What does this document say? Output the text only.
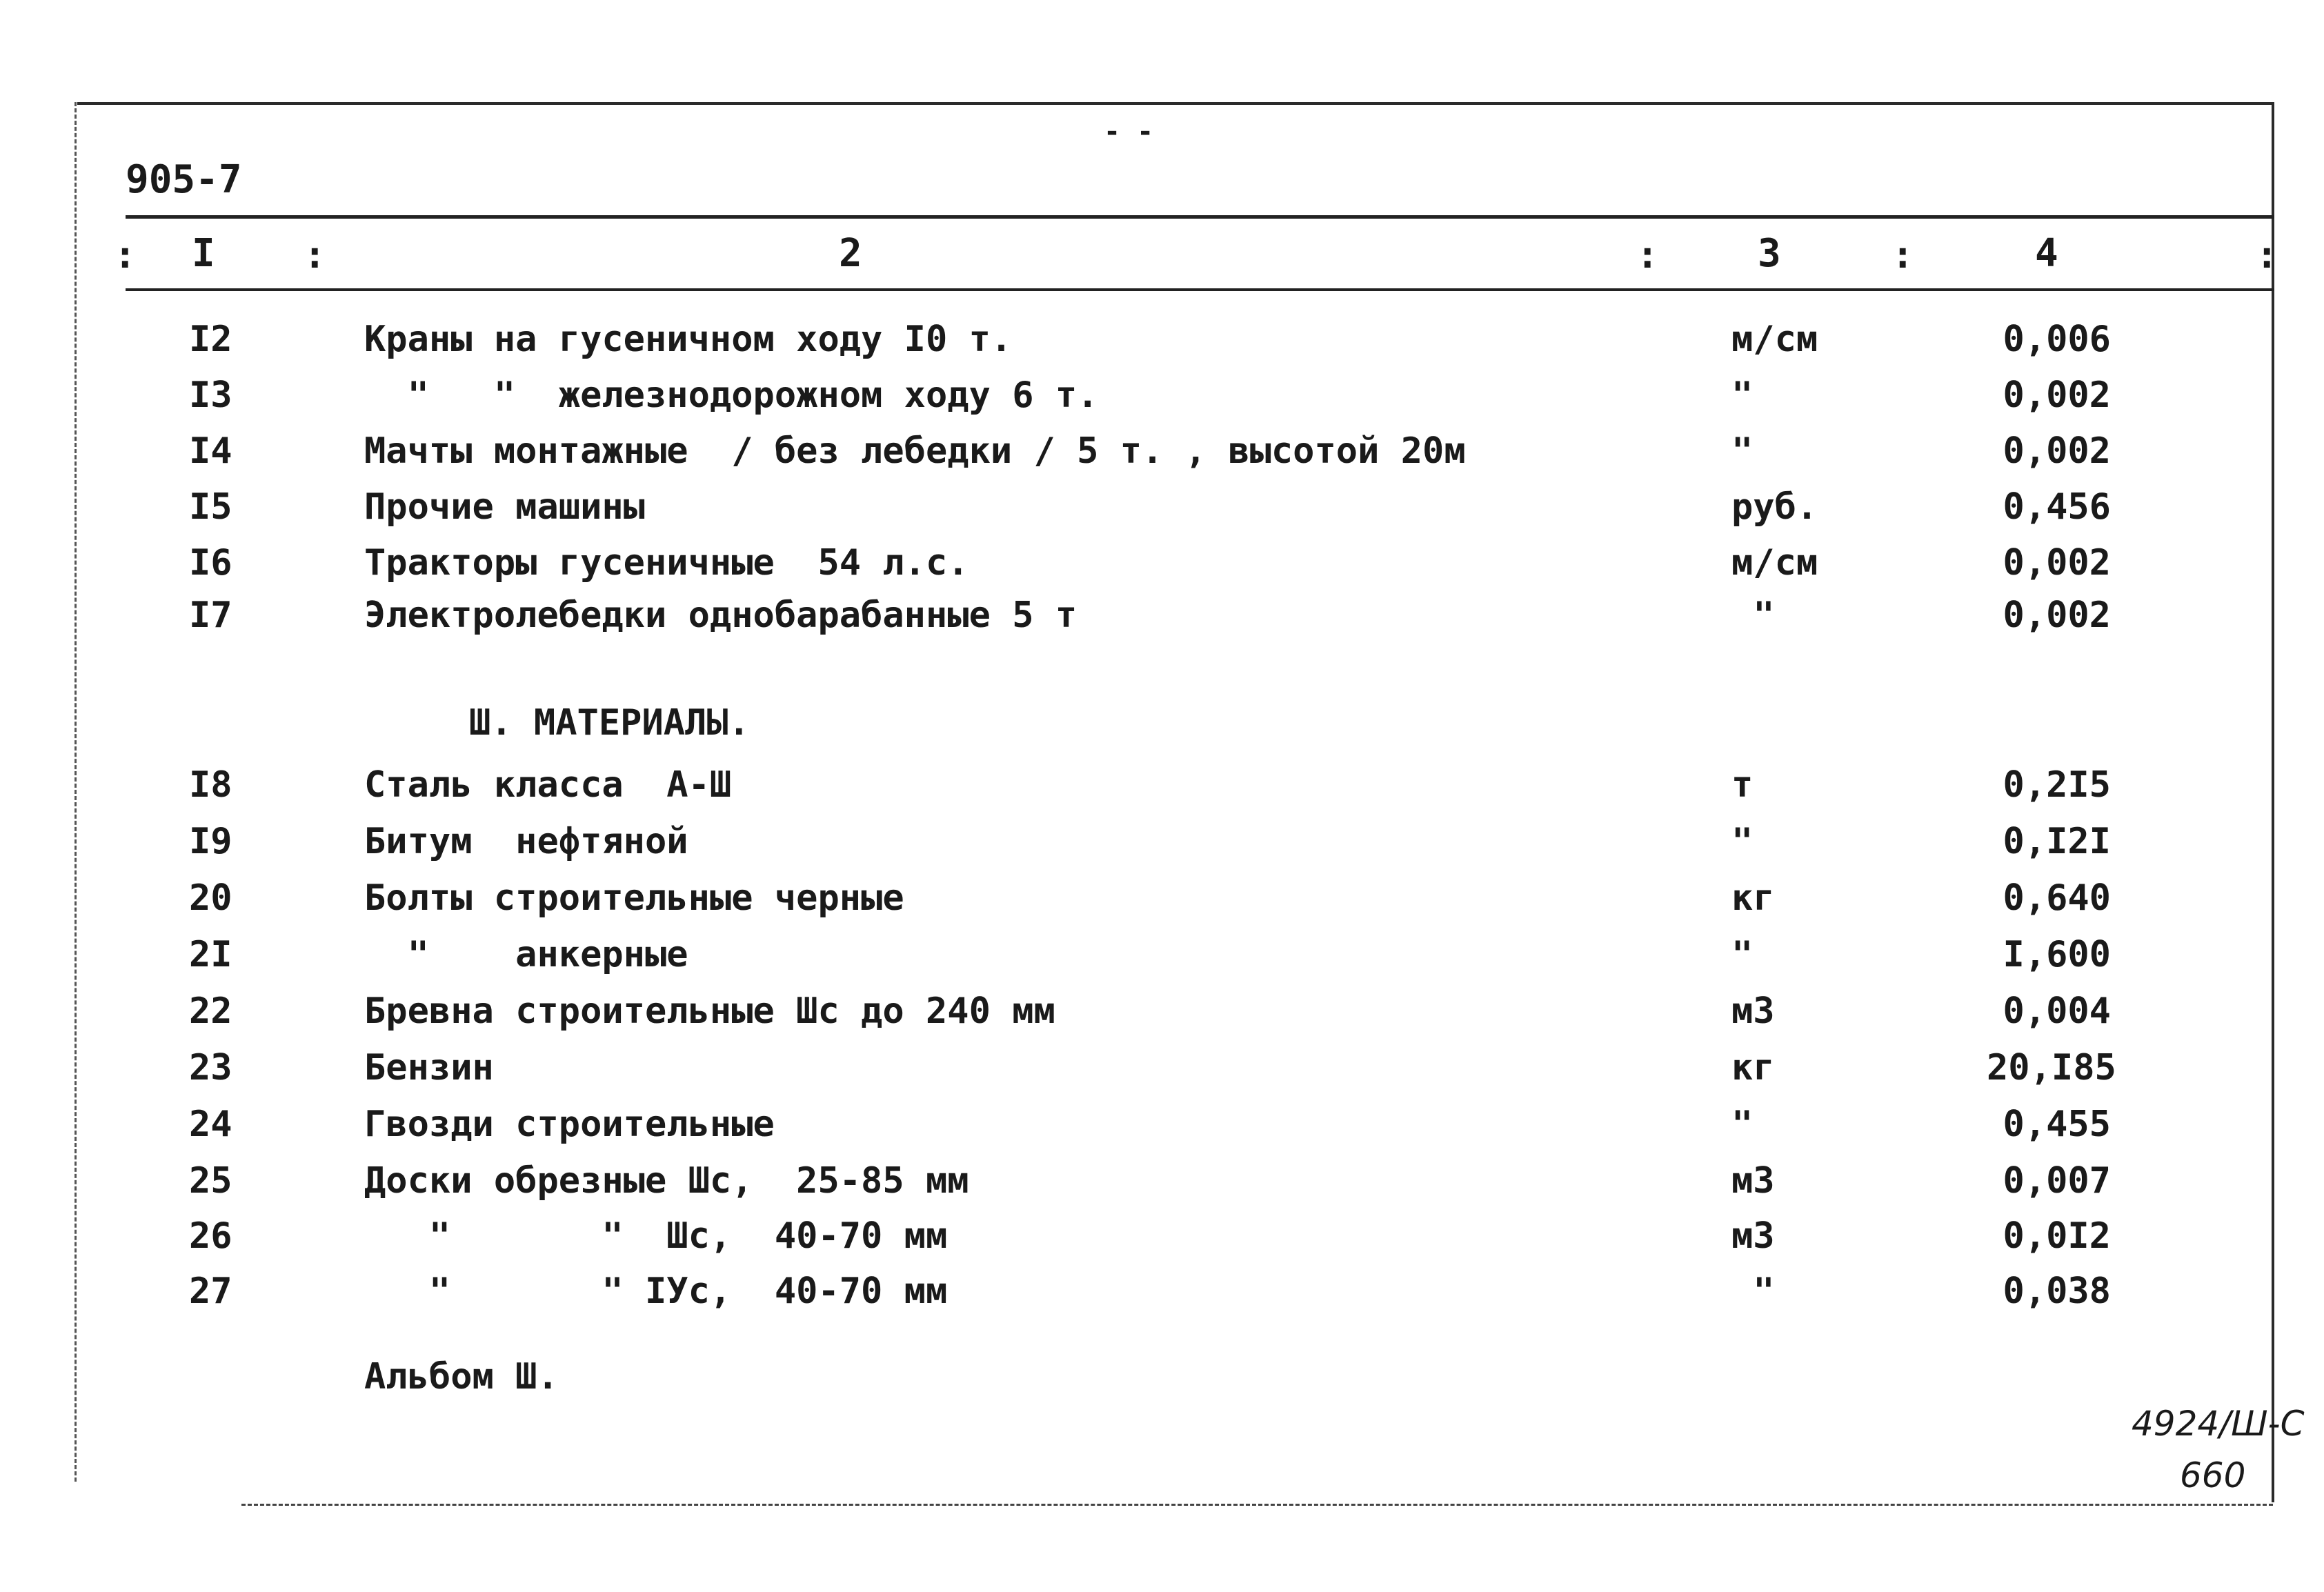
- -
905-7
: I :	2	:	3	:	4	:
I2	Краны на гусеничном ходу I0 т.	м/см	0,006
I3	"   "  железнодорожном ходу 6 т.	"	0,002
I4	Мачты монтажные  / без лебедки / 5 т. , высотой 20м	"	0,002
I5	Прочие машины	руб.	0,456
I6	Тракторы гусеничные  54 л.с.	м/см	0,002
I7	Электролебедки однобарабанные 5 т	"	0,002
Ш. МАТЕРИАЛЫ.
I8	Сталь класса  А-Ш	т	0,2I5
I9	Битум  нефтяной	"	0,I2I
20	Болты строительные черные	кг	0,640
2I	"    анкерные	"	I,600
22	Бревна строительные Шс до 240 мм	м3	0,004
23	Бензин	кг	20,I85
24	Гвозди строительные	"	0,455
25	Доски обрезные Шс,  25-85 мм	м3	0,007
26	"       "  Шс,  40-70 мм	м3	0,0I2
27	"       " IУс,  40-70 мм	"	0,038
Альбом Ш.
4924/Ш-С
660
